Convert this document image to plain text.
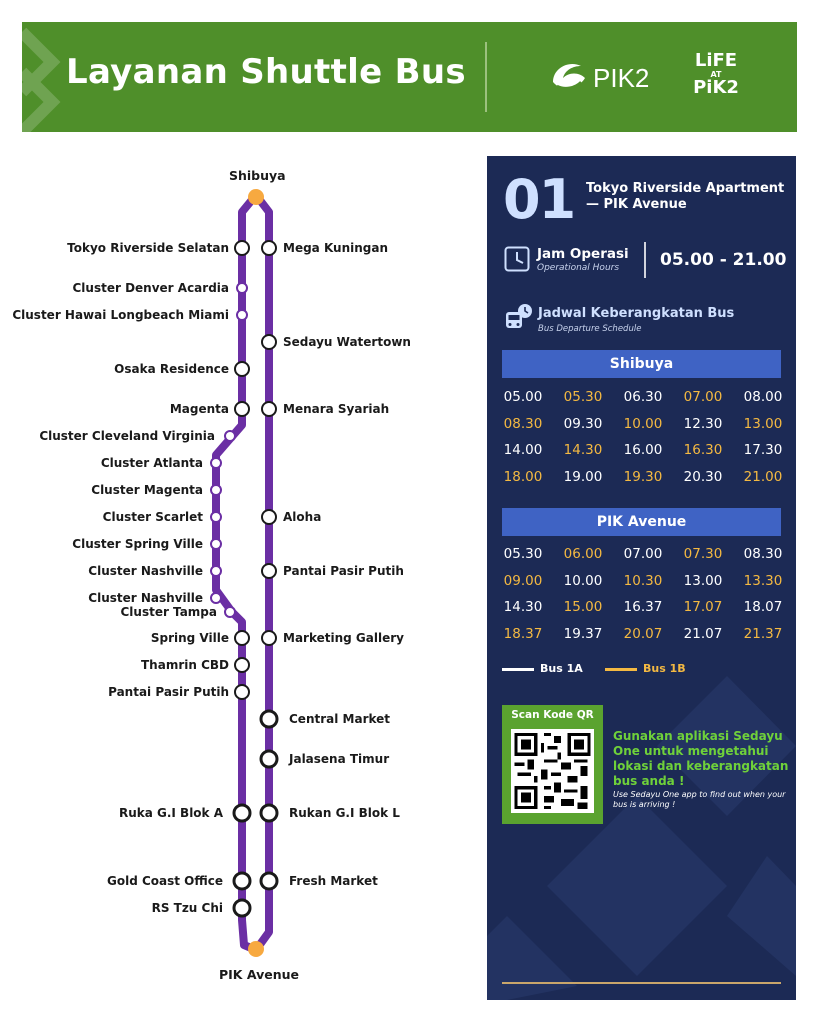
Layanan Shuttle Bus	PIK2
LiFE
AT
PiK2
Shibuya
PIK Avenue
Tokyo Riverside Selatan
Cluster Denver Acardia
Cluster Hawai Longbeach Miami
Osaka Residence
Magenta
Cluster Cleveland Virginia
Cluster Atlanta
Cluster Magenta
Cluster Scarlet
Cluster Spring Ville
Cluster Nashville
Cluster Nashville
Cluster Tampa
Spring Ville
Thamrin CBD
Pantai Pasir Putih
Ruka G.I Blok A
Gold Coast Office
RS Tzu Chi
Mega Kuningan
Sedayu Watertown
Menara Syariah
Aloha
Pantai Pasir Putih
Marketing Gallery
Central Market
Jalasena Timur
Rukan G.I Blok L
Fresh Market
01 Tokyo Riverside Apartment — PIK Avenue
Jam Operasi
Operational Hours 05.00 - 21.00
Jadwal Keberangkatan Bus
Bus Departure Schedule
Shibuya
05.00	05.30	06.30	07.00	08.00
08.30	09.30	10.00	12.30	13.00
14.00	14.30	16.00	16.30	17.30
18.00	19.00	19.30	20.30	21.00
PIK Avenue
05.30	06.00	07.00	07.30	08.30
09.00	10.00	10.30	13.00	13.30
14.30	15.00	16.37	17.07	18.07
18.37	19.37	20.07	21.07	21.37
Bus 1A	Bus 1B
Scan Kode QR
Gunakan aplikasi Sedayu One untuk mengetahui lokasi dan keberangkatan bus anda !
Use Sedayu One app to find out when your bus is arriving !
